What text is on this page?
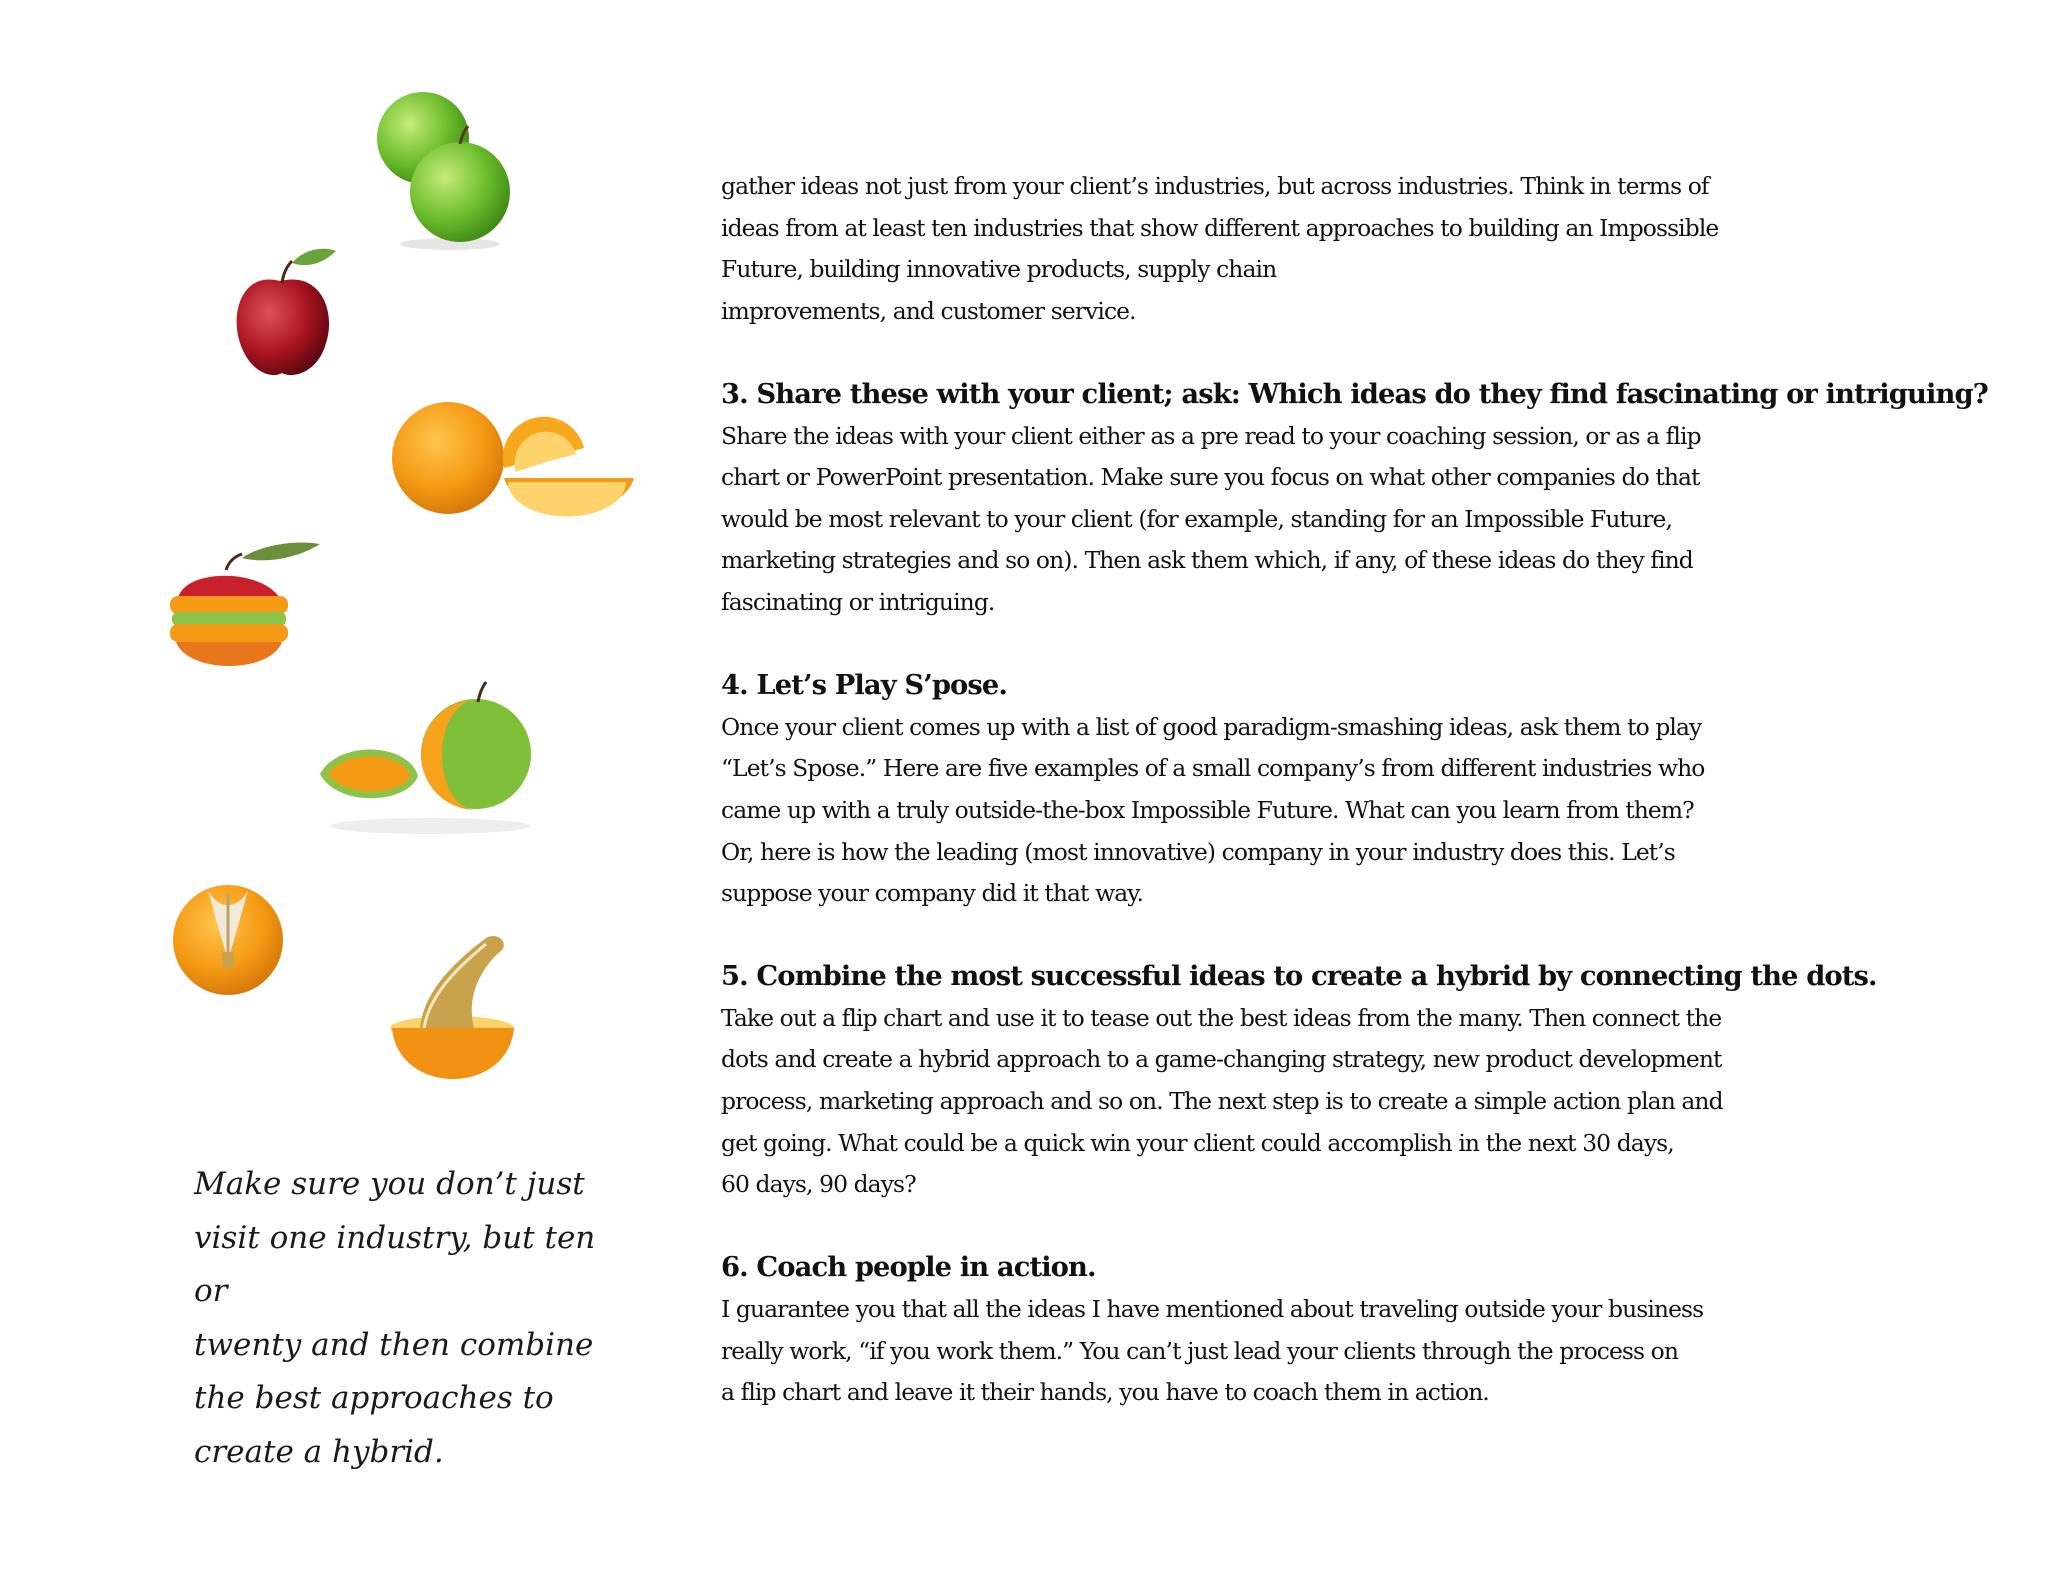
Make sure you don’t just
visit one industry, but ten or
twenty and then combine
the best approaches to
create a hybrid.

gather ideas not just from your client’s industries, but across industries. Think in terms of
ideas from at least ten industries that show different approaches to building an Impossible
Future, building innovative products, supply chain
improvements, and customer service.

3. Share these with your client; ask: Which ideas do they find fascinating or intriguing?

Share the ideas with your client either as a pre read to your coaching session, or as a flip
chart or PowerPoint presentation. Make sure you focus on what other companies do that
would be most relevant to your client (for example, standing for an Impossible Future,
marketing strategies and so on). Then ask them which, if any, of these ideas do they find
fascinating or intriguing.

4. Let’s Play S’pose.

Once your client comes up with a list of good paradigm-smashing ideas, ask them to play
“Let’s Spose.” Here are five examples of a small company’s from different industries who
came up with a truly outside-the-box Impossible Future. What can you learn from them?
Or, here is how the leading (most innovative) company in your industry does this. Let’s
suppose your company did it that way.

5. Combine the most successful ideas to create a hybrid by connecting the dots.

Take out a flip chart and use it to tease out the best ideas from the many. Then connect the
dots and create a hybrid approach to a game-changing strategy, new product development
process, marketing approach and so on. The next step is to create a simple action plan and
get going. What could be a quick win your client could accomplish in the next 30 days,
60 days, 90 days?

6. Coach people in action.

I guarantee you that all the ideas I have mentioned about traveling outside your business
really work, “if you work them.” You can’t just lead your clients through the process on
a flip chart and leave it their hands, you have to coach them in action.
